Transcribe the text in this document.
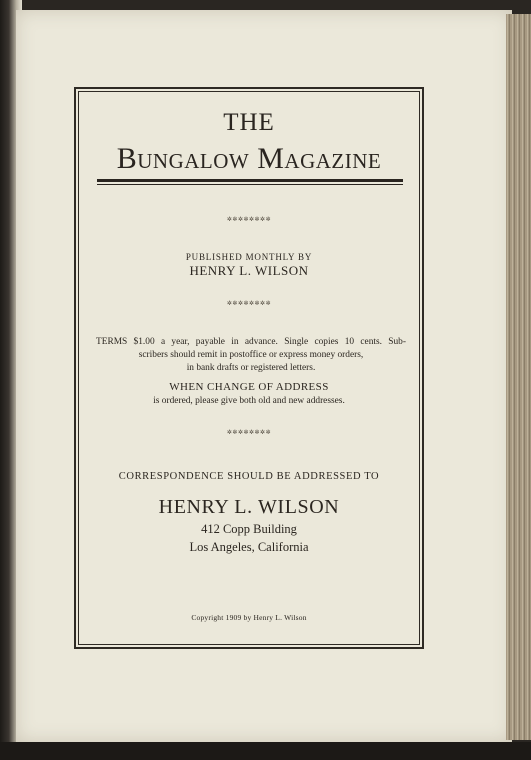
THE
Bungalow Magazine
✲✲✲✲✲✲✲✲
PUBLISHED MONTHLY BY
HENRY L. WILSON
✲✲✲✲✲✲✲✲
TERMS $1.00 a year, payable in advance. Single copies 10 cents. Sub-
scribers should remit in postoffice or express money orders,
in bank drafts or registered letters.
WHEN CHANGE OF ADDRESS
is ordered, please give both old and new addresses.
✲✲✲✲✲✲✲✲
CORRESPONDENCE SHOULD BE ADDRESSED TO
HENRY L. WILSON
412 Copp Building
Los Angeles, California
Copyright 1909 by Henry L. Wilson
